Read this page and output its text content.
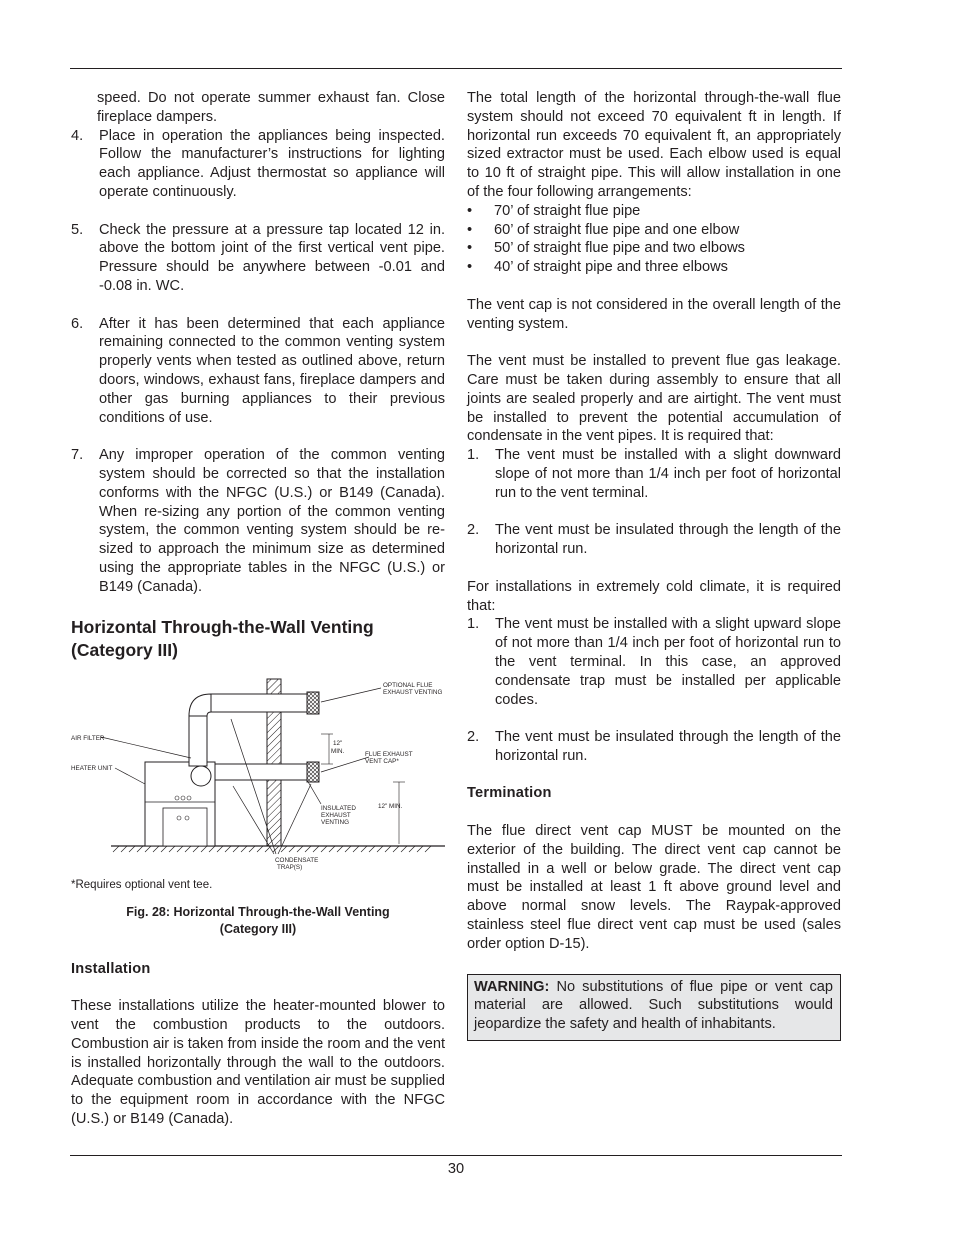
speed. Do not operate summer exhaust fan. Close fireplace dampers.

4. Place in operation the appliances being inspected. Follow the manufacturer’s instructions for lighting each appliance. Adjust thermostat so appliance will operate continuously.
5. Check the pressure at a pressure tap located 12 in. above the bottom joint of the first vertical vent pipe. Pressure should be anywhere between -0.01 and -0.08 in. WC.
6. After it has been determined that each appliance remaining connected to the common venting system properly vents when tested as outlined above, return doors, windows, exhaust fans, fireplace dampers and other gas burning appliances to their previous conditions of use.
7. Any improper operation of the common venting system should be corrected so that the installation conforms with the NFGC (U.S.) or B149 (Canada). When re-sizing any portion of the common venting system, the common venting system should be re-sized to approach the minimum size as determined using the appropriate tables in the NFGC (U.S.) or B149 (Canada).
Horizontal Through-the-Wall Venting
(Category III)
OPTIONAL FLUE
EXHAUST VENTING
AIR FILTER
HEATER UNIT
12"
MIN.	FLUE EXHAUST
VENT CAP*
12" MIN.
INSULATED
EXHAUST
VENTING
CONDENSATE
TRAP(S)
*Requires optional vent tee.
Fig. 28: Horizontal Through-the-Wall Venting
(Category III)
Installation

These installations utilize the heater-mounted blower to vent the combustion products to the outdoors. Combustion air is taken from inside the room and the vent is installed horizontally through the wall to the outdoors. Adequate combustion and ventilation air must be supplied to the equipment room in accordance with the NFGC (U.S.) or B149 (Canada).

The total length of the horizontal through-the-wall flue system should not exceed 70 equivalent ft in length. If horizontal run exceeds 70 equivalent ft, an appropriately sized extractor must be used. Each elbow used is equal to 10 ft of straight pipe. This will allow installation in one of the four following arrangements:

• 70’ of straight flue pipe
• 60’ of straight flue pipe and one elbow
• 50’ of straight flue pipe and two elbows
• 40’ of straight pipe and three elbows

The vent cap is not considered in the overall length of the venting system.

The vent must be installed to prevent flue gas leakage. Care must be taken during assembly to ensure that all joints are sealed properly and are airtight. The vent must be installed to prevent the potential accumulation of condensate in the vent pipes. It is required that:

1. The vent must be installed with a slight downward slope of not more than 1/4 inch per foot of horizontal run to the vent terminal.
2. The vent must be insulated through the length of the horizontal run.

For installations in extremely cold climate, it is required that:

1. The vent must be installed with a slight upward slope of not more than 1/4 inch per foot of horizontal run to the vent terminal. In this case, an approved condensate trap must be installed per applicable codes.
2. The vent must be insulated through the length of the horizontal run.
Termination

The flue direct vent cap MUST be mounted on the exterior of the building. The direct vent cap cannot be installed in a well or below grade. The direct vent cap must be installed at least 1 ft above ground level and above normal snow levels. The Raypak-approved stainless steel flue direct vent cap must be used (sales order option D-15).

WARNING: No substitutions of flue pipe or vent cap material are allowed. Such substitutions would jeopardize the safety and health of inhabitants.

30
